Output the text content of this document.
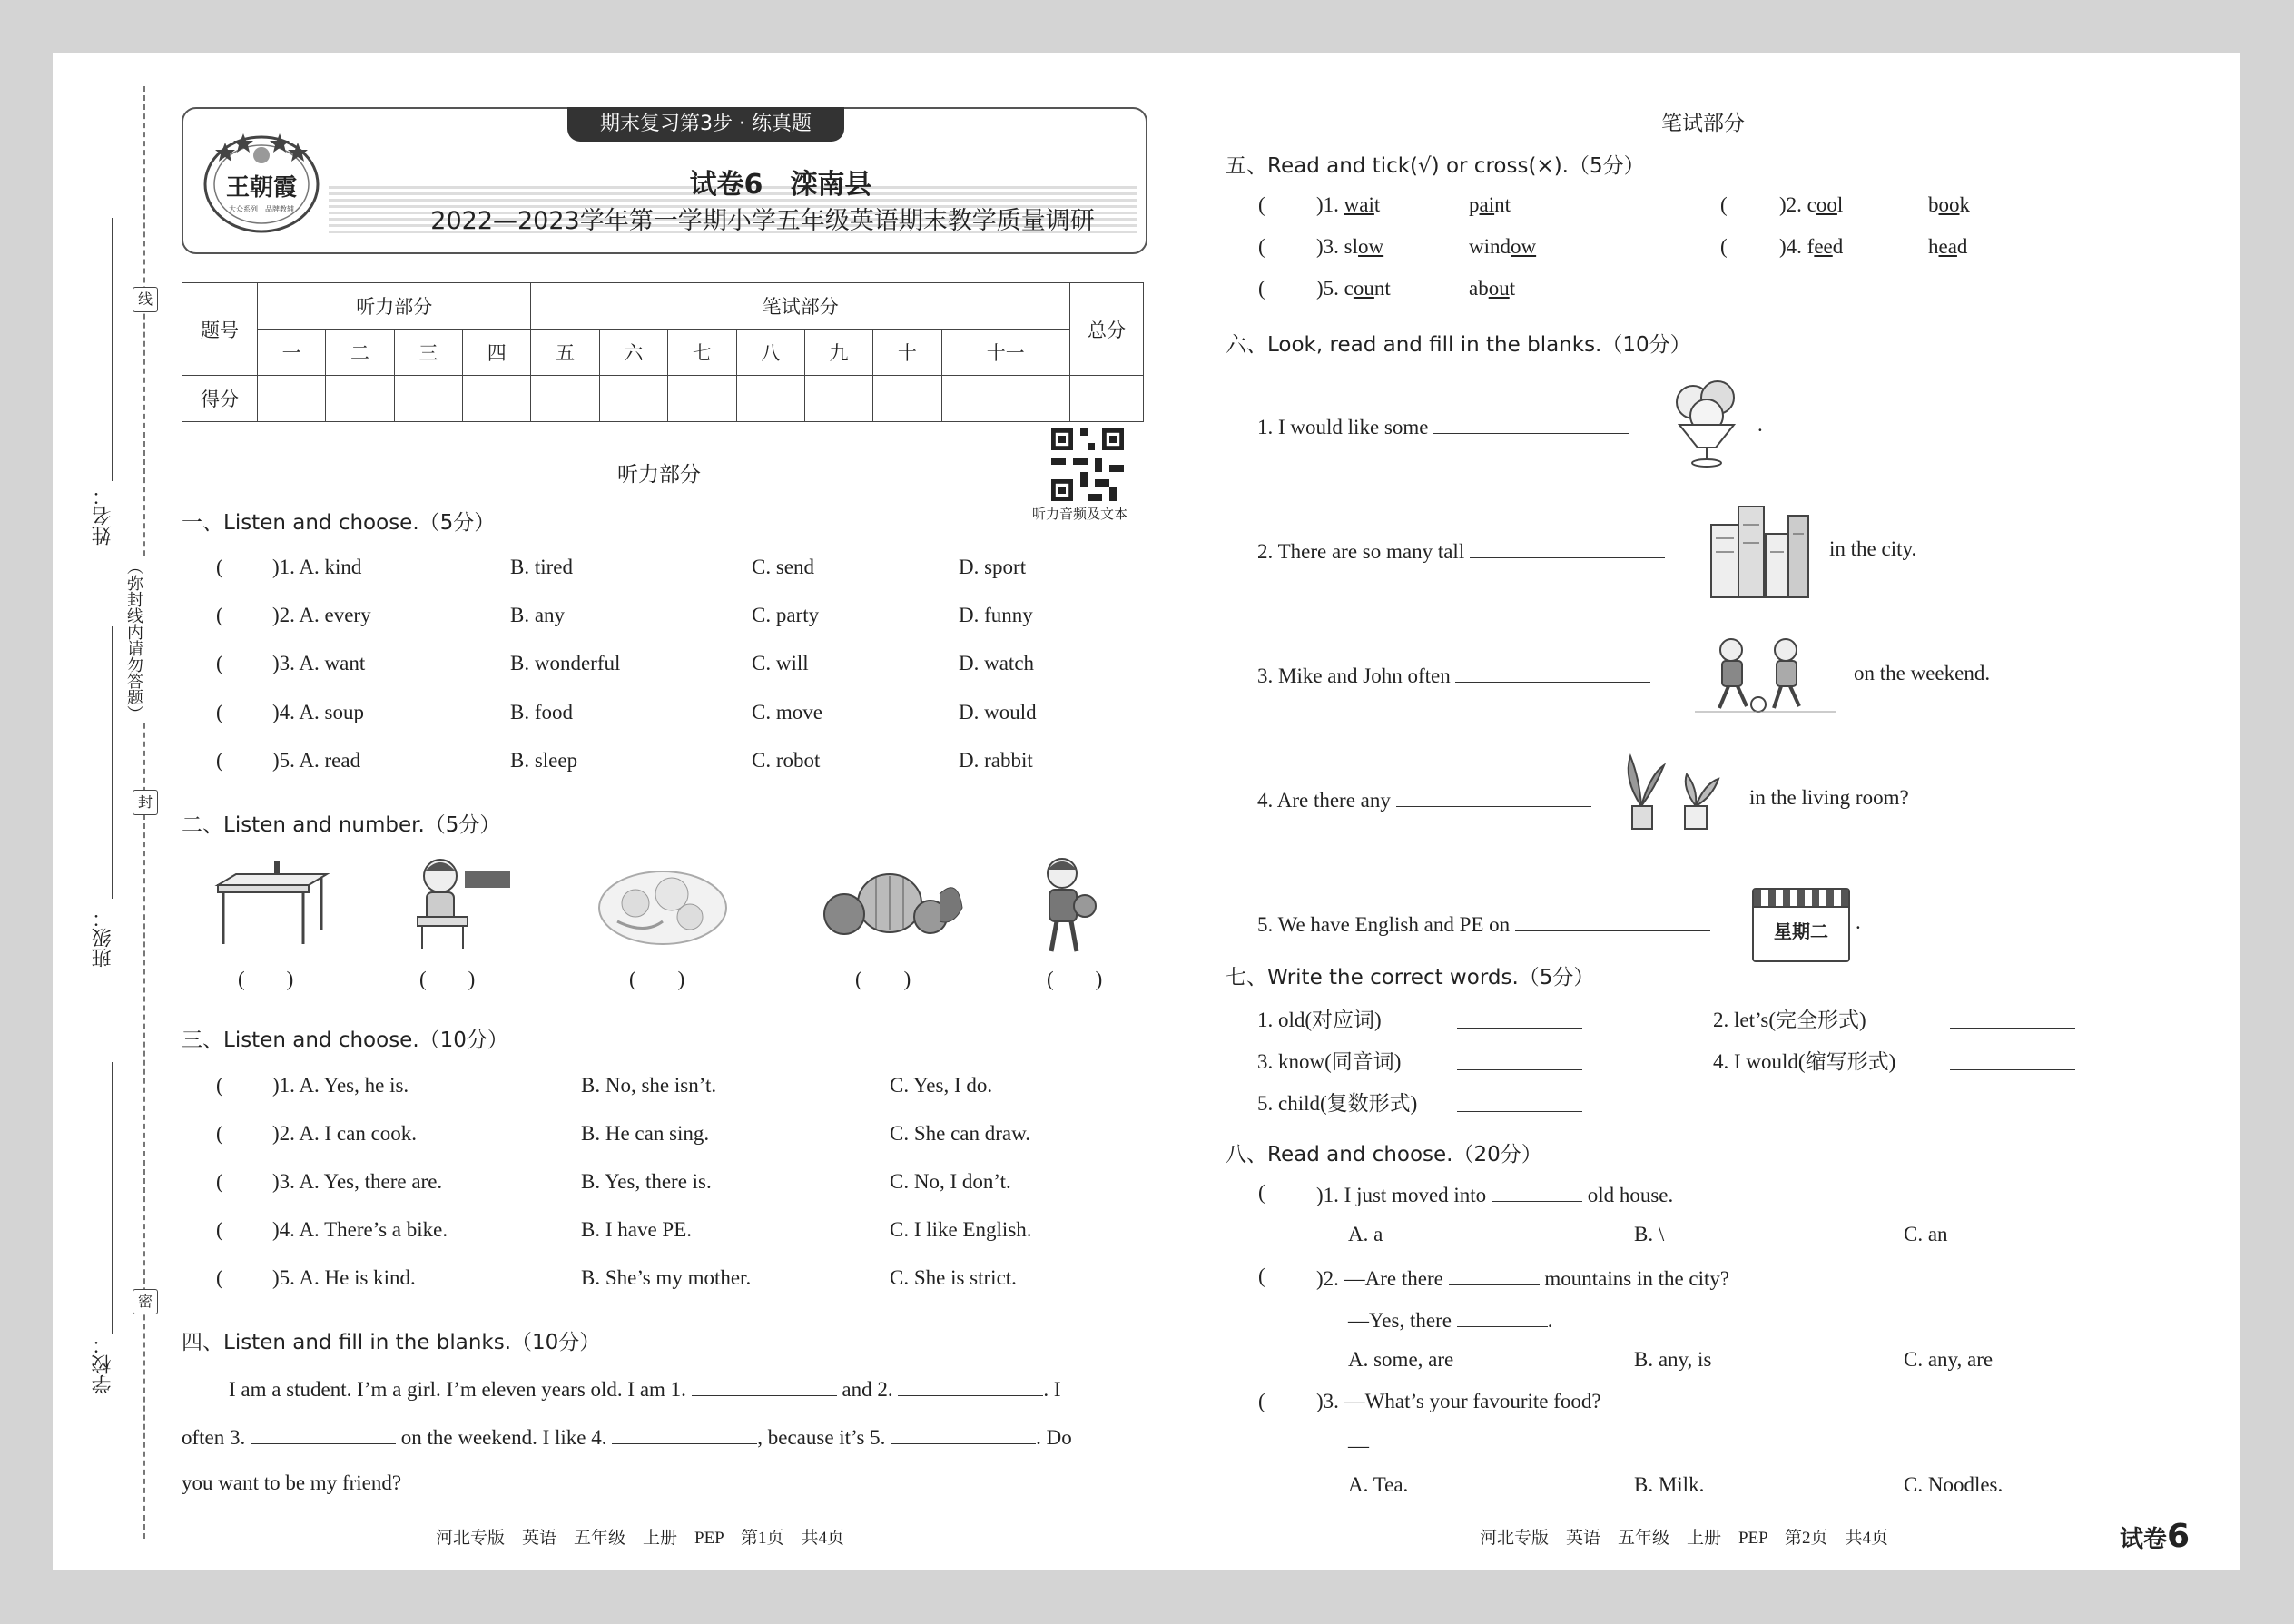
学校：
班级：
姓名：
线
封
密
（弥封线内请勿答题）
期末复习第3步 · 练真题
王朝霞
大众系列　品牌教辅
试卷6　滦南县
2022—2023学年第一学期小学五年级英语期末教学质量调研
题号	听力部分				笔试部分							总分
	一	二	三	四	五	六	七	八	九	十	十一	
得分												
听力音频及文本
听力部分
一、Listen and choose.（5分）
( )1. A. kind	B. tired	C. send	D. sport
( )2. A. every	B. any	C. party	D. funny
( )3. A. want	B. wonderful	C. will	D. watch
( )4. A. soup	B. food	C. move	D. would
( )5. A. read	B. sleep	C. robot	D. rabbit
二、Listen and number.（5分）
(　　)	(　　)	(　　)	(　　)	(　　)
三、Listen and choose.（10分）
( )1. A. Yes, he is.	B. No, she isn’t.	C. Yes, I do.
( )2. A. I can cook.	B. He can sing.	C. She can draw.
( )3. A. Yes, there are.	B. Yes, there is.	C. No, I don’t.
( )4. A. There’s a bike.	B. I have PE.	C. I like English.
( )5. A. He is kind.	B. She’s my mother.	C. She is strict.
四、Listen and fill in the blanks.（10分）
I am a student. I’m a girl. I’m eleven years old. I am 1.	and 2.	. I
often 3.	on the weekend. I like 4.	, because it’s 5.	. Do
you want to be my friend?
河北专版　英语　五年级　上册　PEP　第1页　共4页
笔试部分
五、Read and tick(√) or cross(×).（5分）
( )1. wait	paint	( )2. cool	book
( )3. slow	window	( )4. feed	head
( )5. count	about
六、Look, read and fill in the blanks.（10分）
1. I would like some	.
2. There are so many tall	in the city.
3. Mike and John often	on the weekend.
4. Are there any	in the living room?
5. We have English and PE on	星期二	.
七、Write the correct words.（5分）
1. old(对应词)	2. let’s(完全形式)
3. know(同音词)	4. I would(缩写形式)
5. child(复数形式)
八、Read and choose.（20分）
( )1. I just moved into	old house.
A. a	B. \	C. an
( )2. —Are there	mountains in the city?
—Yes, there	.
A. some, are	B. any, is	C. any, are
( )3. —What’s your favourite food?
—
A. Tea.	B. Milk.	C. Noodles.
河北专版　英语　五年级　上册　PEP　第2页　共4页	试卷6
